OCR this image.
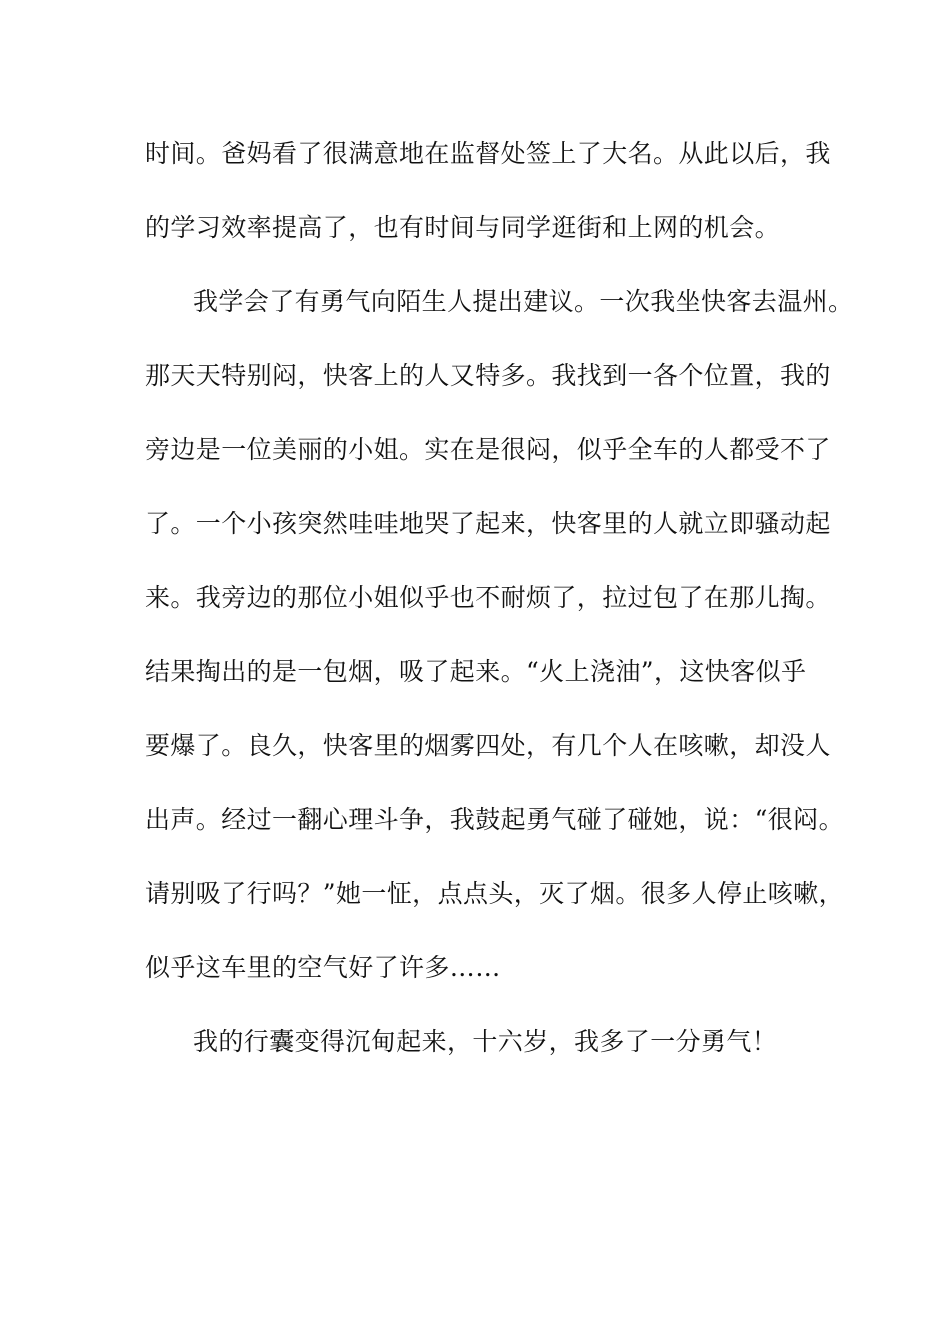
时间。爸妈看了很满意地在监督处签上了大名。从此以后，我
的学习效率提高了，也有时间与同学逛街和上网的机会。
我学会了有勇气向陌生人提出建议。一次我坐快客去温州。
那天天特别闷，快客上的人又特多。我找到一各个位置，我的
旁边是一位美丽的小姐。实在是很闷，似乎全车的人都受不了
了。一个小孩突然哇哇地哭了起来，快客里的人就立即骚动起
来。我旁边的那位小姐似乎也不耐烦了，拉过包了在那儿掏。
结果掏出的是一包烟，吸了起来。“火上浇油”，这快客似乎
要爆了。良久，快客里的烟雾四处，有几个人在咳嗽，却没人
出声。经过一翻心理斗争，我鼓起勇气碰了碰她，说：“很闷。
请别吸了行吗？”她一怔，点点头，灭了烟。很多人停止咳嗽，
似乎这车里的空气好了许多……
我的行囊变得沉甸起来，十六岁，我多了一分勇气！
